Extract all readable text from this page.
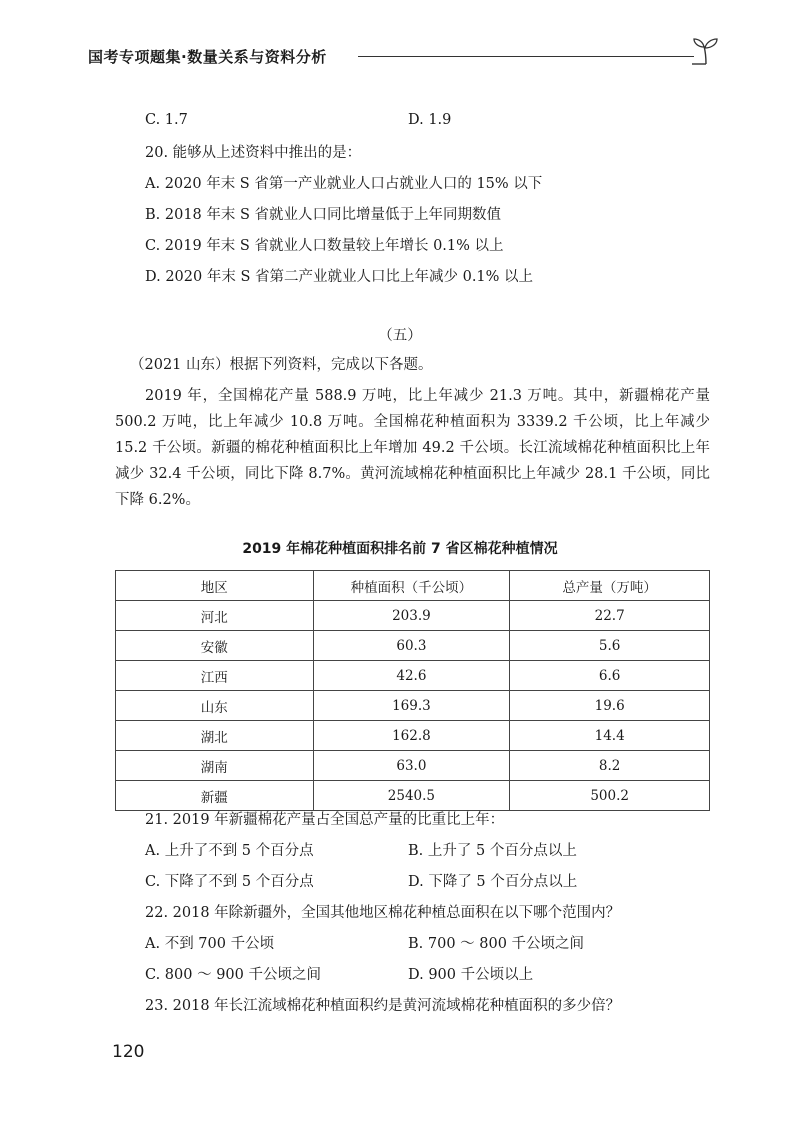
国考专项题集·数量关系与资料分析
C. 1.7	D. 1.9
20. 能够从上述资料中推出的是：
A. 2020 年末 S 省第一产业就业人口占就业人口的 15% 以下
B. 2018 年末 S 省就业人口同比增量低于上年同期数值
C. 2019 年末 S 省就业人口数量较上年增长 0.1% 以上
D. 2020 年末 S 省第二产业就业人口比上年减少 0.1% 以上
（五）
（2021 山东）根据下列资料，完成以下各题。
2019 年，全国棉花产量 588.9 万吨，比上年减少 21.3 万吨。其中，新疆棉花产量 500.2 万吨，比上年减少 10.8 万吨。全国棉花种植面积为 3339.2 千公顷，比上年减少 15.2 千公顷。新疆的棉花种植面积比上年增加 49.2 千公顷。长江流域棉花种植面积比上年减少 32.4 千公顷，同比下降 8.7%。黄河流域棉花种植面积比上年减少 28.1 千公顷，同比下降 6.2%。
2019 年棉花种植面积排名前 7 省区棉花种植情况
地区	种植面积（千公顷）	总产量（万吨）
河北	203.9	22.7
安徽	60.3	5.6
江西	42.6	6.6
山东	169.3	19.6
湖北	162.8	14.4
湖南	63.0	8.2
新疆	2540.5	500.2
21. 2019 年新疆棉花产量占全国总产量的比重比上年：
A. 上升了不到 5 个百分点	B. 上升了 5 个百分点以上
C. 下降了不到 5 个百分点	D. 下降了 5 个百分点以上
22. 2018 年除新疆外，全国其他地区棉花种植总面积在以下哪个范围内？
A. 不到 700 千公顷	B. 700 ～ 800 千公顷之间
C. 800 ～ 900 千公顷之间	D. 900 千公顷以上
23. 2018 年长江流域棉花种植面积约是黄河流域棉花种植面积的多少倍？
120
